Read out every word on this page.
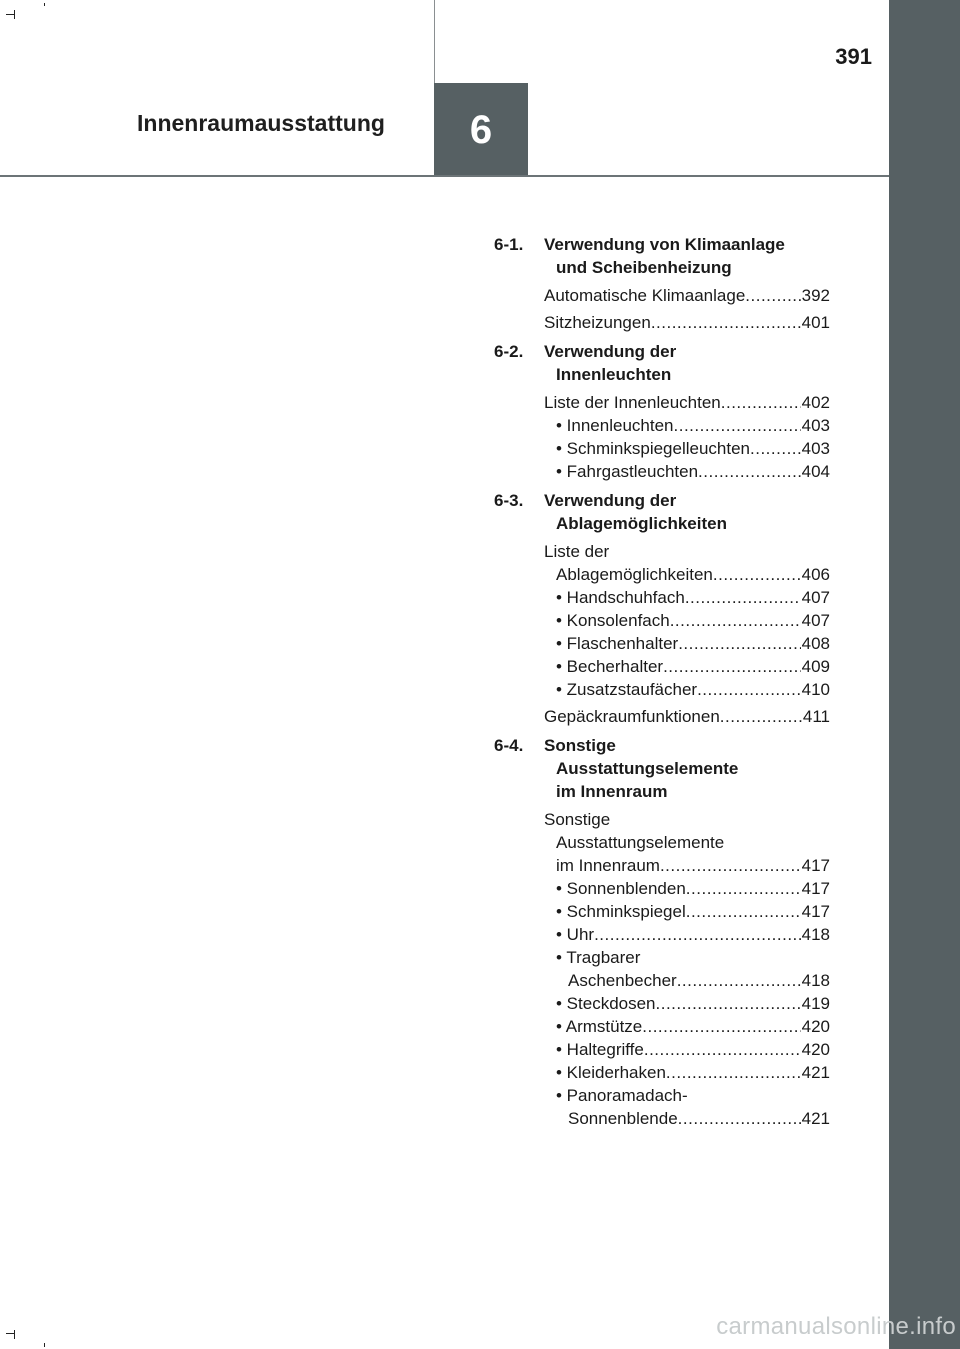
391
Innenraumausstattung 6
6-1.	Verwendung von Klimaanlage
und Scheibenheizung
Automatische Klimaanlage .....	392
Sitzheizungen .....	401
6-2.	Verwendung der
Innenleuchten
Liste der Innenleuchten .....	402
• Innenleuchten .....	403
• Schminkspiegelleuchten .....	403
• Fahrgastleuchten .....	404
6-3.	Verwendung der
Ablagemöglichkeiten
Liste der
Ablagemöglichkeiten .....	406
• Handschuhfach .....	407
• Konsolenfach .....	407
• Flaschenhalter .....	408
• Becherhalter .....	409
• Zusatzstaufächer .....	410
Gepäckraumfunktionen .....	411
6-4.	Sonstige
Ausstattungselemente
im Innenraum
Sonstige
Ausstattungselemente
im Innenraum .....	417
• Sonnenblenden .....	417
• Schminkspiegel .....	417
• Uhr .....	418
• Tragbarer
Aschenbecher .....	418
• Steckdosen .....	419
• Armstütze .....	420
• Haltegriffe .....	420
• Kleiderhaken .....	421
• Panoramadach-
Sonnenblende .....	421
carmanualsonline.info
